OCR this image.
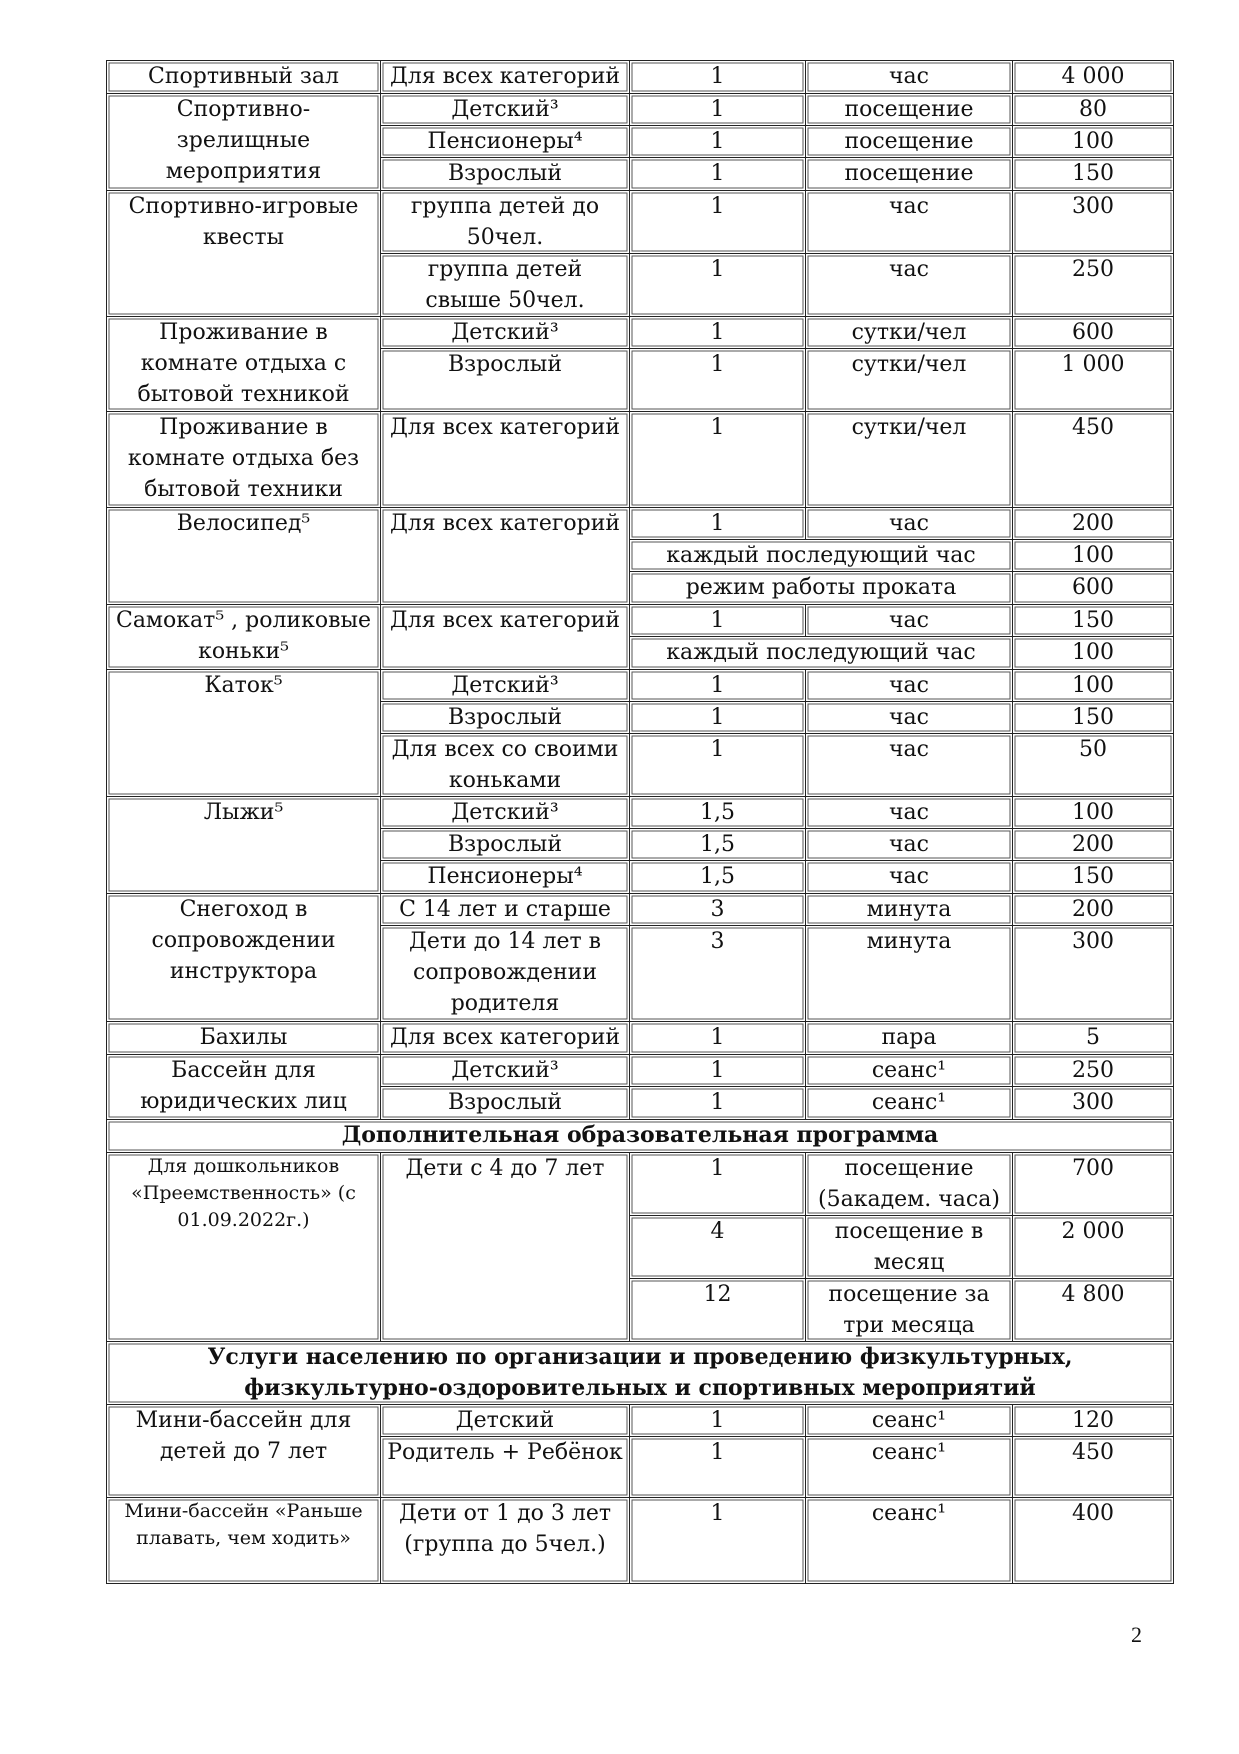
Спортивный зал	Для всех категорий	1	час	4 000
Спортивно-зрелищные мероприятия	Детский³	1	посещение	80
	Пенсионеры⁴	1	посещение	100
	Взрослый	1	посещение	150
Спортивно-игровые квесты	группа детей до 50чел.	1	час	300
	группа детей свыше 50чел.	1	час	250
Проживание в комнате отдыха с бытовой техникой	Детский³	1	сутки/чел	600
	Взрослый	1	сутки/чел	1 000
Проживание в комнате отдыха без бытовой техники	Для всех категорий	1	сутки/чел	450
Велосипед⁵	Для всех категорий	1	час	200
		каждый последующий час		100
		режим работы проката		600
Самокат⁵ , роликовые коньки⁵	Для всех категорий	1	час	150
		каждый последующий час		100
Каток⁵	Детский³	1	час	100
	Взрослый	1	час	150
	Для всех со своими коньками	1	час	50
Лыжи⁵	Детский³	1,5	час	100
	Взрослый	1,5	час	200
	Пенсионеры⁴	1,5	час	150
Снегоход в сопровождении инструктора	С 14 лет и старше	3	минута	200
	Дети до 14 лет в сопровождении родителя	3	минута	300
Бахилы	Для всех категорий	1	пара	5
Бассейн для юридических лиц	Детский³	1	сеанс¹	250
	Взрослый	1	сеанс¹	300
Дополнительная образовательная программа				
Для дошкольников «Преемственность» (с 01.09.2022г.)	Дети с 4 до 7 лет	1	посещение (5академ. часа)	700
		4	посещение в месяц	2 000
		12	посещение за три месяца	4 800
Услуги населению по организации и проведению физкультурных, физкультурно-оздоровительных и спортивных мероприятий				
Мини-бассейн для детей до 7 лет	Детский	1	сеанс¹	120
	Родитель + Ребёнок	1	сеанс¹	450
Мини-бассейн «Раньше плавать, чем ходить»	Дети от 1 до 3 лет (группа до 5чел.)	1	сеанс¹	400
2
